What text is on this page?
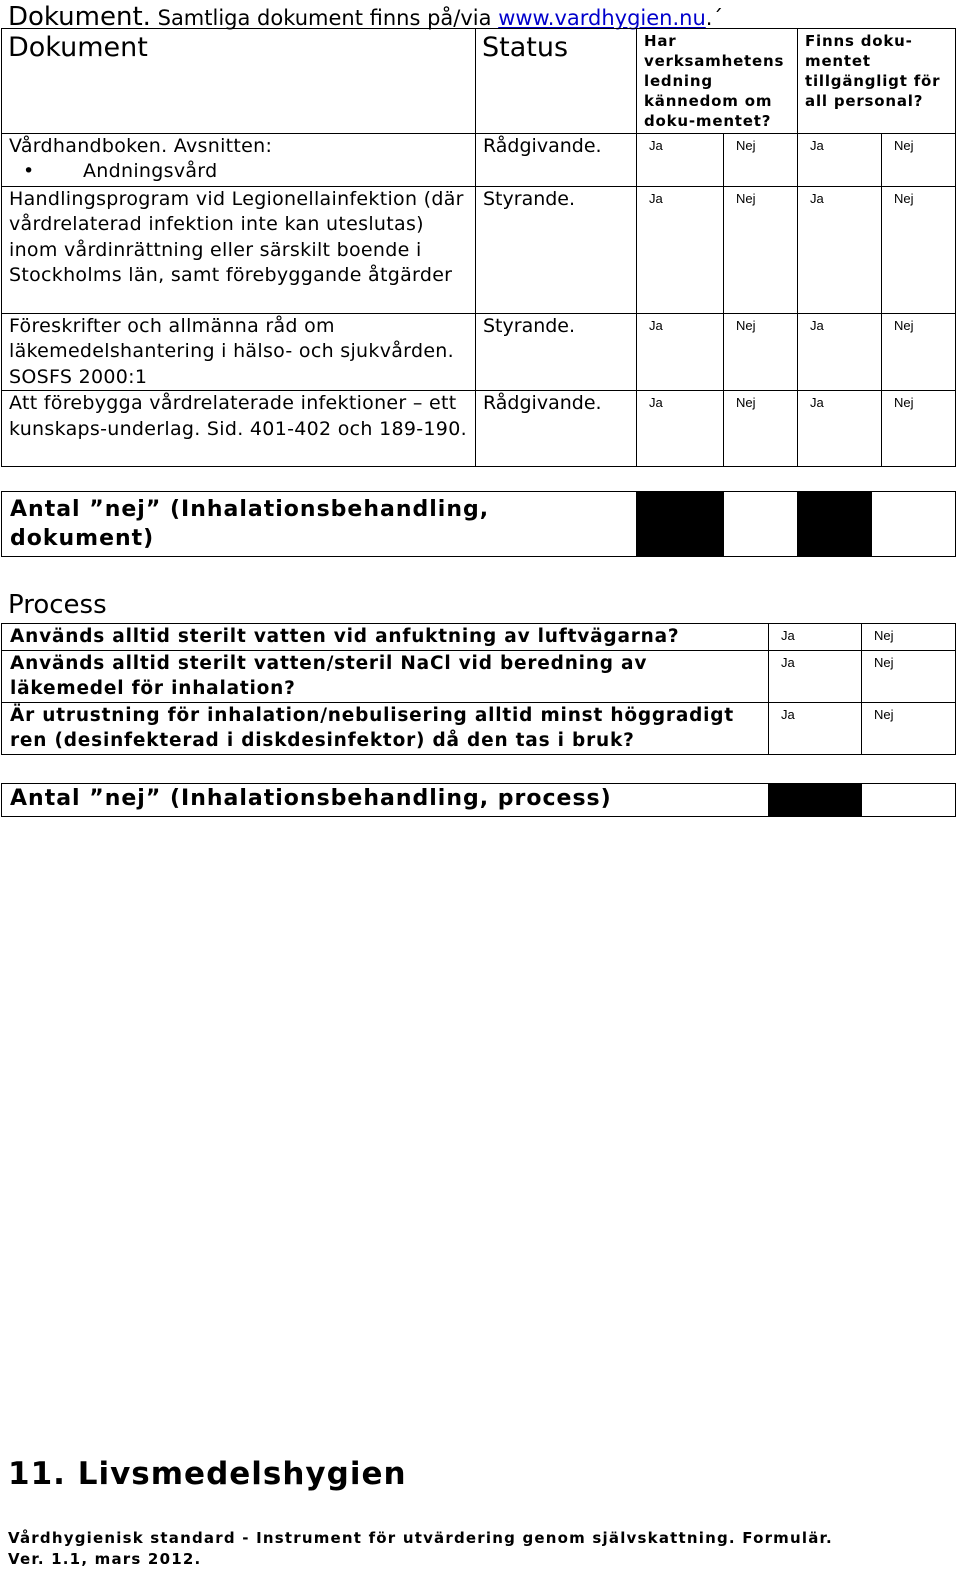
Dokument. Samtliga dokument finns på/via www.vardhygien.nu.´
Dokument	Status	Har verksamhetens ledning kännedom om doku-mentet?		Finns doku-mentet tillgängligt för all personal?	

Vårdhandboken. Avsnitten:
• Andningsvård	Rådgivande.	Ja	Nej	Ja	Nej
Handlingsprogram vid Legionellainfektion (där vårdrelaterad infektion inte kan uteslutas) inom vårdinrättning eller särskilt boende i Stockholms län, samt förebyggande åtgärder	Styrande.	Ja	Nej	Ja	Nej
Föreskrifter och allmänna råd om läkemedelshantering i hälso- och sjukvården. SOSFS 2000:1	Styrande.	Ja	Nej	Ja	Nej
Att förebygga vårdrelaterade infektioner – ett kunskaps-underlag. Sid. 401-402 och 189-190.	Rådgivande.	Ja	Nej	Ja	Nej
Antal ”nej” (Inhalationsbehandling, dokument)				
Process
Används alltid sterilt vatten vid anfuktning av luftvägarna?	Ja	Nej
Används alltid sterilt vatten/steril NaCl vid beredning av läkemedel för inhalation?	Ja	Nej
Är utrustning för inhalation/nebulisering alltid minst höggradigt ren (desinfekterad i diskdesinfektor) då den tas i bruk?	Ja	Nej
Antal ”nej” (Inhalationsbehandling, process)		
11. Livsmedelshygien
Vårdhygienisk standard - Instrument för utvärdering genom självskattning. Formulär.
Ver. 1.1, mars 2012.
